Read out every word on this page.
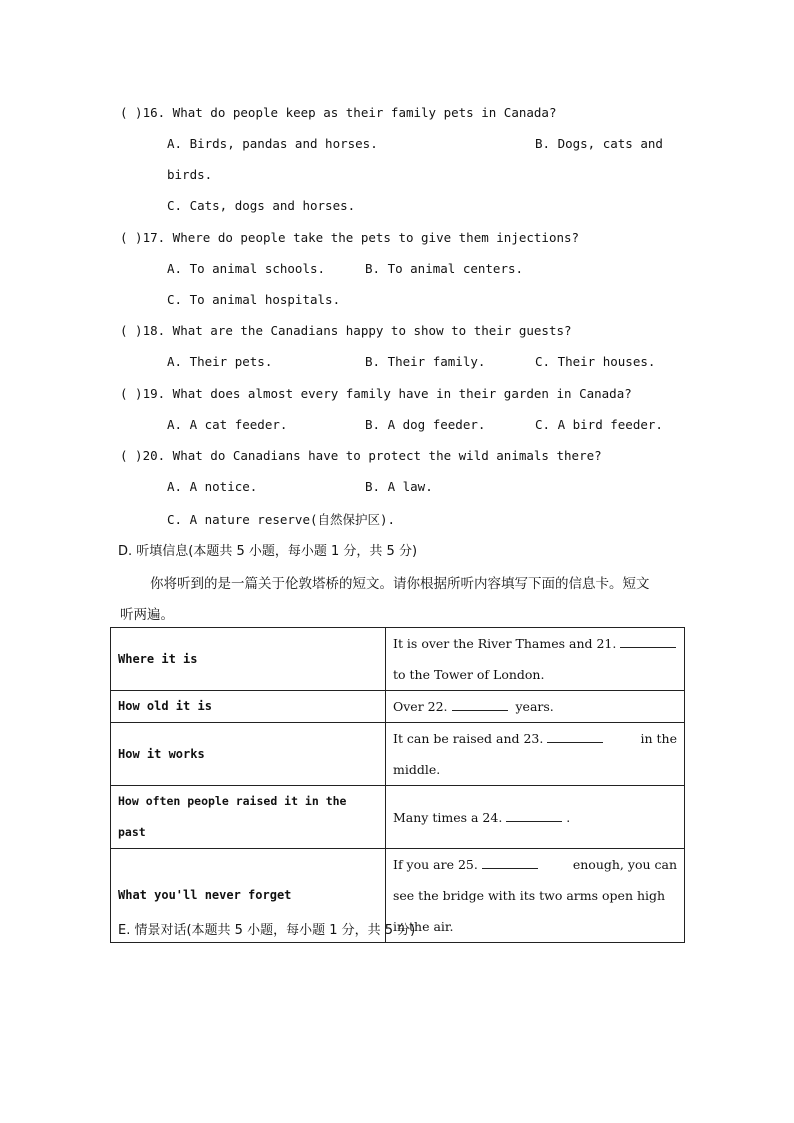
( )16. What do people keep as their family pets in Canada?
A. Birds, pandas and horses.	B. Dogs, cats and
birds.
C. Cats, dogs and horses.
( )17. Where do people take the pets to give them injections?
A. To animal schools.	B. To animal centers.
C. To animal hospitals.
( )18. What are the Canadians happy to show to their guests?
A. Their pets.	B. Their family.	C. Their houses.
( )19. What does almost every family have in their garden in Canada?
A. A cat feeder.	B. A dog feeder.	C. A bird feeder.
( )20. What do Canadians have to protect the wild animals there?
A. A notice.	B. A law.
C. A nature reserve(自然保护区).
D. 听填信息(本题共 5 小题，每小题 1 分，共 5 分)
你将听到的是一篇关于伦敦塔桥的短文。请你根据所听内容填写下面的信息卡。短文
听两遍。
Where it is	It is over the River Thames and 21.
to the Tower of London.
How old it is	Over 22. years.
How it works	It can be raised and 23. in the

middle.
How often people raised it in the past	Many times a 24. .
What you'll never forget	If you are 25. enough, you can

see the bridge with its two arms open high
in the air.
E. 情景对话(本题共 5 小题，每小题 1 分，共 5 分)
